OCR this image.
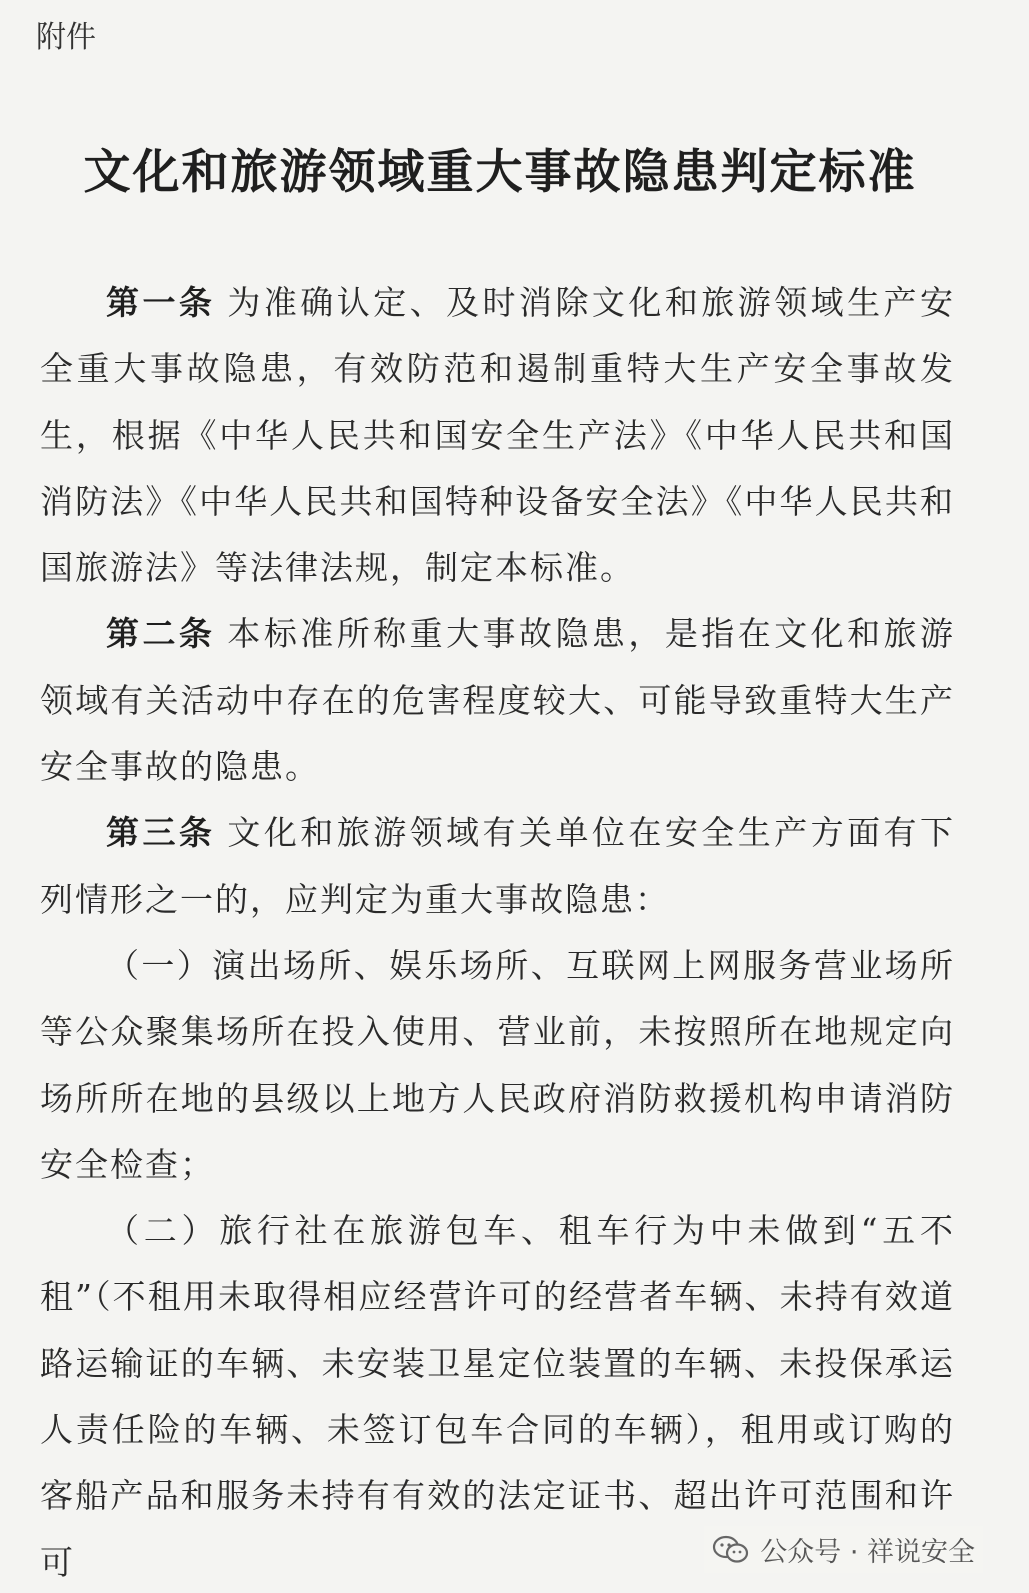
附件
文化和旅游领域重大事故隐患判定标准

第一条 为准确认定、及时消除文化和旅游领域生产安全重大事故隐患，有效防范和遏制重特大生产安全事故发生，根据《中华人民共和国安全生产法》《中华人民共和国消防法》《中华人民共和国特种设备安全法》《中华人民共和国旅游法》等法律法规，制定本标准。

第二条 本标准所称重大事故隐患，是指在文化和旅游领域有关活动中存在的危害程度较大、可能导致重特大生产安全事故的隐患。

第三条 文化和旅游领域有关单位在安全生产方面有下列情形之一的，应判定为重大事故隐患：

（一）演出场所、娱乐场所、互联网上网服务营业场所等公众聚集场所在投入使用、营业前，未按照所在地规定向场所所在地的县级以上地方人民政府消防救援机构申请消防安全检查；

（二）旅行社在旅游包车、租车行为中未做到“五不租”（不租用未取得相应经营许可的经营者车辆、未持有效道路运输证的车辆、未安装卫星定位装置的车辆、未投保承运人责任险的车辆、未签订包车合同的车辆），租用或订购的客船产品和服务未持有有效的法定证书、超出许可范围和许可	公众号 · 祥说安全
